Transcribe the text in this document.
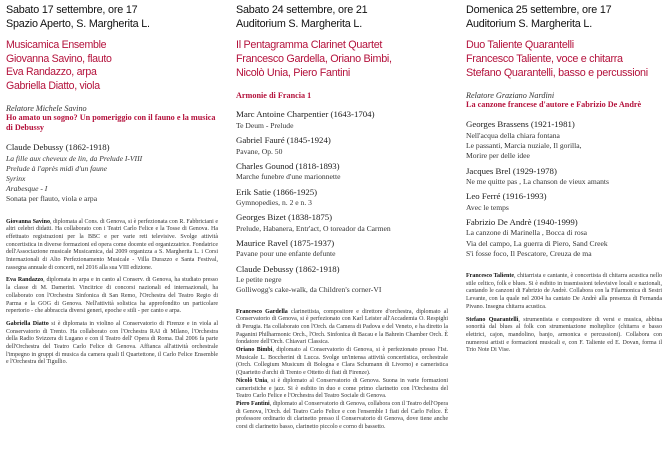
Sabato 17 settembre, ore 17
Spazio Aperto, S. Margherita L.
Musicamica Ensemble
Giovanna Savino, flauto
Eva Randazzo, arpa
Gabriella Diatto, viola
Relatore Michele Savino
Ho amato un sogno? Un pomeriggio con il fauno e la musica di Debussy
Claude Debussy (1862-1918)
La fille aux cheveux de lin, da Prelude I-VIII
Prelude à l'après midi d'un faune
Syrinx
Arabesque - I
Sonata per flauto, viola e arpa

Giovanna Savino, diplomata al Cons. di Genova, si è perfezionata con R. Fabbriciani e altri celebri didatti. Ha collaborato con i Teatri Carlo Felice e la Tosse di Genova. Ha effettuato registrazioni per la BBC e per varie reti televisive. Svolge attività concertistica in diverse formazioni ed opera come docente ed organizzatrice. Fondatrice dell'Associazione musicale Musicamica, dal 2009 organizza a S. Margherita L. i Corsi Internazionali di Alto Perfezionamento Musicale - Villa Durazzo e Santa Festival, rassegna annuale di concerti, nel 2016 alla sua VIII edizione.

Eva Randazzo, diplomata in arpa e in canto al Conserv. di Genova, ha studiato presso la classe di M. Damerini. Vincitrice di concorsi nazionali ed internazionali, ha collaborato con l'Orchestra Sinfonica di San Remo, l'Orchestra del Teatro Regio di Parma e la GOG di Genova. Nell'attività solistica ha approfondito un particolare repertorio - che abbraccia diversi generi, epoche e stili - per canto e arpa.

Gabriella Diatto si è diplomata in violino al Conservatorio di Firenze e in viola al Conservatorio di Trento. Ha collaborato con l'Orchestra RAI di Milano, l'Orchestra della Radio Svizzera di Lugano e con il Teatro dell' Opera di Roma. Dal 2006 fa parte dell'Orchestra del Teatro Carlo Felice di Genova. Affianca all'attività orchestrale l'impegno in gruppi di musica da camera quali Il Quartettone, il Carlo Felice Ensemble e l'Orchestra del Tigullio.

Sabato 24 settembre, ore 21
Auditorium S. Margherita L.
Il Pentagramma Clarinet Quartet
Francesco Gardella, Oriano Bimbi,
Nicolò Unia, Piero Fantini
Armonie di Francia 1
Marc Antoine Charpentier (1643-1704)
Te Deum - Prelude
Gabriel Fauré (1845-1924)
Pavane, Op. 50
Charles Gounod (1818-1893)
Marche funebre d'une marionnette
Erik Satie (1866-1925)
Gymnopedies, n. 2 e n. 3
Georges Bizet (1838-1875)
Prelude, Habanera, Entr'act, O toreador da Carmen
Maurice Ravel (1875-1937)
Pavane pour une enfante defunte
Claude Debussy (1862-1918)
Le petite negre
Golliwogg's cake-walk, da Children's corner-VI

Francesco Gardella clarinettista, compositore e direttore d'orchestra, diplomato al Conservatorio di Genova, si è perfezionato con Karl Leister all'Accademia O. Respighi di Perugia. Ha collaborato con l'Orch. da Camera di Padova e del Veneto, e ha diretto la Paganini Philharmonic Orch., l'Orch. Sinfonica di Bacau e la Bahrein Chamber Orch. È fondatore dell'Orch. Chiavari Classica.

Oriano Bimbi, diplomato al Conservatorio di Genova, si è perfezionato presso l'Ist. Musicale L. Boccherini di Lucca. Svolge un'intensa attività concertistica, orchestrale (Orch. Collegium Musicum di Bologna e Clara Schumann di Livorno) e cameristica (Quartetto d'archi di Trento e Ottetto di fiati di Firenze).

Nicolò Unia, si è diplomato al Conservatorio di Genova. Suona in varie formazioni cameristiche e jazz. Si è esibito in duo e come primo clarinetto con l'Orchestra del Teatro Carlo Felice e l'Orchestra del Teatro Sociale di Genova.

Piero Fantini, diplomato al Conservatorio di Genova, collabora con il Teatro dell'Opera di Genova, l'Orch. del Teatro Carlo Felice e con l'ensemble I fiati del Carlo Felice. È professore ordinario di clarinetto presso il Conservatorio di Genova, dove tiene anche corsi di clarinetto basso, clarinetto piccolo e corno di bassetto.

Domenica 25 settembre, ore 17
Auditorium S. Margherita L.
Duo Taliente Quarantelli
Francesco Taliente, voce e chitarra
Stefano Quarantelli, basso e percussioni
Relatore Graziano Nardini
La canzone francese d'autore e Fabrizio De Andrè
Georges Brassens (1921-1981)
Nell'acqua della chiara fontana
Le passanti, Marcia nuziale, Il gorilla,
Morire per delle idee
Jacques Brel (1929-1978)
Ne me quitte pas , La chanson de vieux amants
Leo Ferré (1916-1993)
Avec le temps
Fabrizio De Andrè (1940-1999)
La canzone di Marinella , Bocca di rosa
Via del campo, La guerra di Piero, Sand Creek
S'i fosse foco, Il Pescatore, Creuza de ma

Francesco Taliente, chitarrista e cantante, è concertista di chitarra acustica nello stile celtico, folk e blues. Si è esibito in trasmissioni televisive locali e nazionali, cantando le canzoni di Fabrizio de Andrè. Collabora con la Filarmonica di Sestri Levante, con la quale nel 2004 ha cantato De Andrè alla presenza di Fernanda Pivano. Insegna chitarra acustica.

Stefano Quarantelli, strumentista e compositore di versi e musica, abbina sonorità dal blues al folk con strumentazione molteplice (chitarra e basso elettrici, cajon, mandolino, banjo, armonica e percussioni). Collabora con numerosi artisti e formazioni musicali e, con F. Taliente ed E. Dovan, forma il Trio Note Di Vise.
